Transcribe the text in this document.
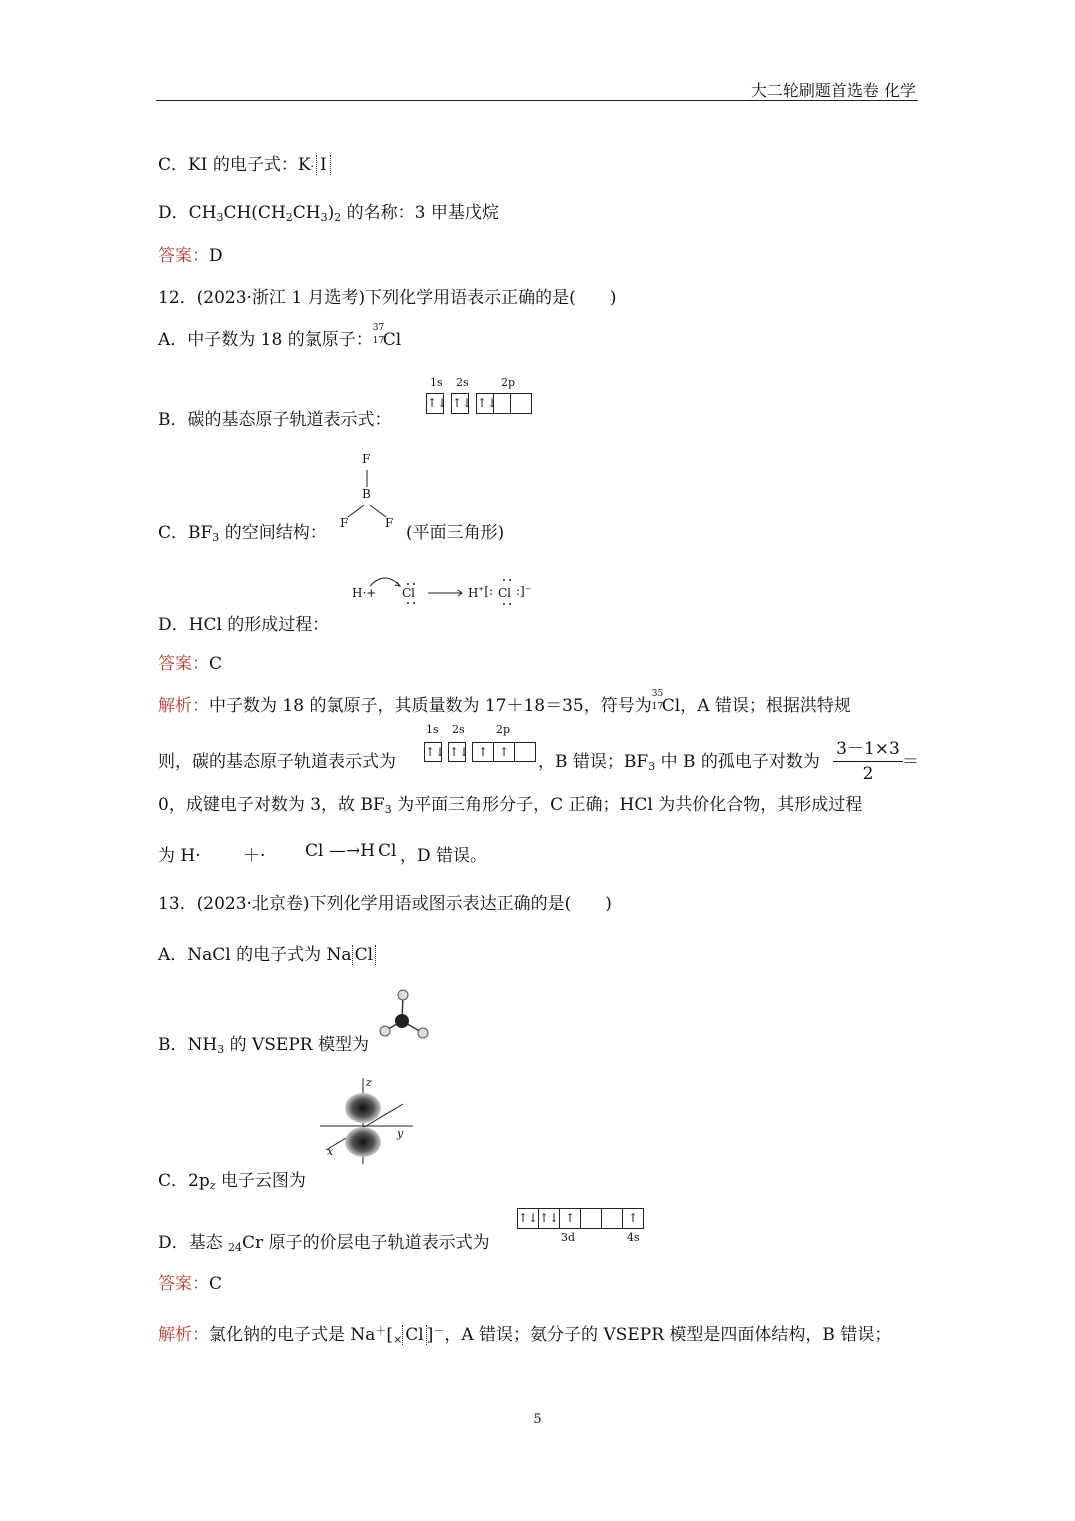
大二轮刷题首选卷 化学
C．KI 的电子式：K· I
D．$CH_3CH(CH_2CH_3)_2$ 的名称：3 甲基戊烷
答案：D
12．(2023·浙江 1 月选考)下列化学用语表示正确的是(　　)
A．中子数为 18 的氯原子：
37
17
Cl
B．碳的基态原子轨道表示式：
1s 2s	2p
↑↓ ↑↓ ↑↓
C．$BF_3$ 的空间结构：
F
B
F	F (平面三角形)
D．HCl 的形成过程：
H·+ Cl	H ⁺[: Cl :]⁻
答案：C
解析：中子数为 18 的氯原子，其质量数为 17＋18＝35，符号为
35
17
Cl，A 错误；根据洪特规
则，碳的基态原子轨道表示式为
1s 2s	2p
↑↓ ↑↓ ↑ ↑	，B 错误；$BF_3$ 中 B 的孤电子对数为
3－1×3
2
＝
0，成键电子对数为 3，故 $BF_3$ 为平面三角形分子，C 正确；HCl 为共价化合物，其形成过程
为 H· ＋· Cl —→H Cl ，D 错误。
13．(2023·北京卷)下列化学用语或图示表达正确的是(　　)
A．NaCl 的电子式为 Na Cl
B．$NH_3$ 的 VSEPR 模型为
C．$2p_z$ 电子云图为
z
y
x
D．基态 $_{24}$Cr 原子的价层电子轨道表示式为
↑↓ ↑↓ ↑	↑
3d	4s
答案：C
解析：氯化钠的电子式是 $Na^+[_\times$ Cl ]－，A 错误；氨分子的 VSEPR 模型是四面体结构，B 错误；
5
